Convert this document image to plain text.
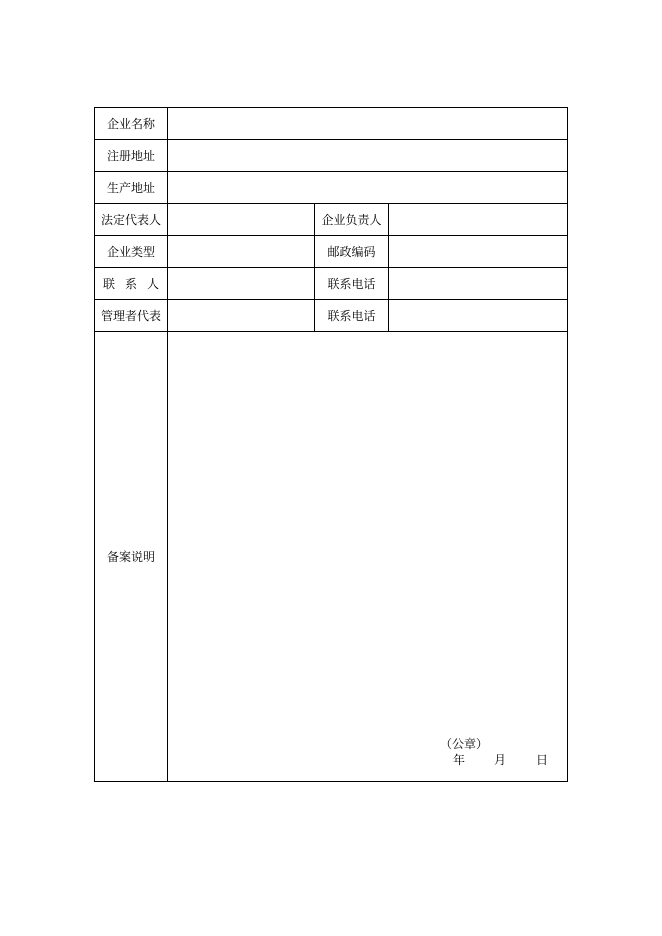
企业名称
注册地址
生产地址
法定代表人	企业负责人
企业类型	邮政编码
联 系 人	联系电话
管理者代表	联系电话
备案说明
（公章）
年 月 日
